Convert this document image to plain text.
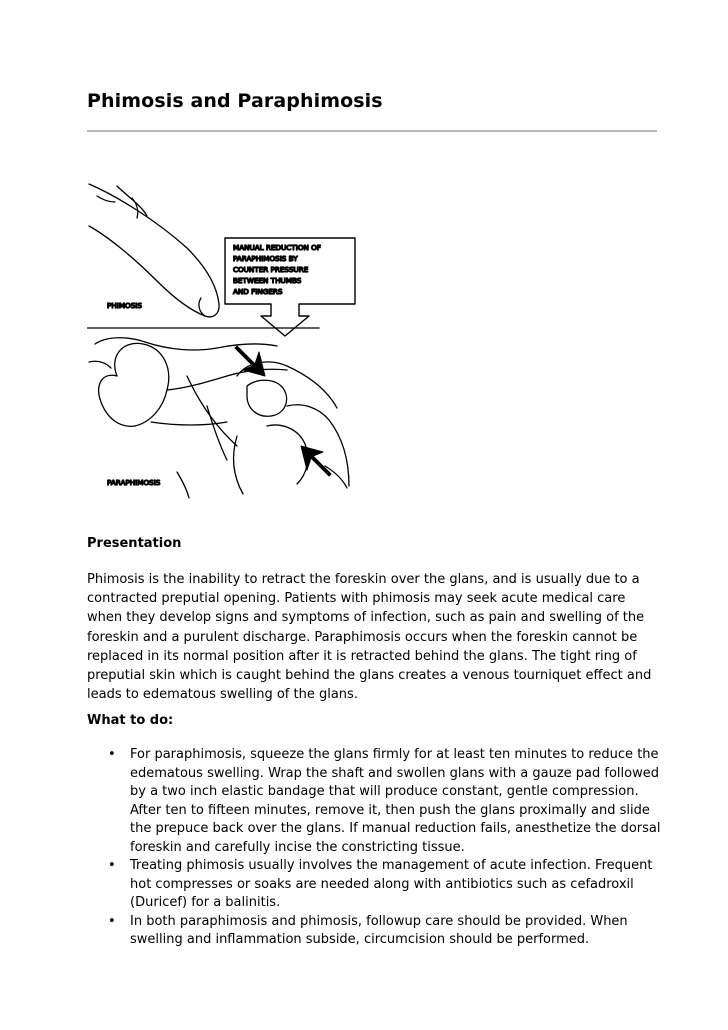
Phimosis and Paraphimosis
MANUAL REDUCTION OF
PARAPHIMOSIS BY
COUNTER PRESSURE
BETWEEN THUMBS
AND FINGERS
PHIMOSIS
PARAPHIMOSIS
Presentation

Phimosis is the inability to retract the foreskin over the glans, and is usually due to a contracted preputial opening. Patients with phimosis may seek acute medical care when they develop signs and symptoms of infection, such as pain and swelling of the foreskin and a purulent discharge. Paraphimosis occurs when the foreskin cannot be replaced in its normal position after it is retracted behind the glans. The tight ring of preputial skin which is caught behind the glans creates a venous tourniquet effect and leads to edematous swelling of the glans.

What to do:
• For paraphimosis, squeeze the glans firmly for at least ten minutes to reduce the edematous swelling. Wrap the shaft and swollen glans with a gauze pad followed by a two inch elastic bandage that will produce constant, gentle compression. After ten to fifteen minutes, remove it, then push the glans proximally and slide the prepuce back over the glans. If manual reduction fails, anesthetize the dorsal foreskin and carefully incise the constricting tissue.
• Treating phimosis usually involves the management of acute infection. Frequent hot compresses or soaks are needed along with antibiotics such as cefadroxil (Duricef) for a balinitis.
• In both paraphimosis and phimosis, followup care should be provided. When swelling and inflammation subside, circumcision should be performed.
